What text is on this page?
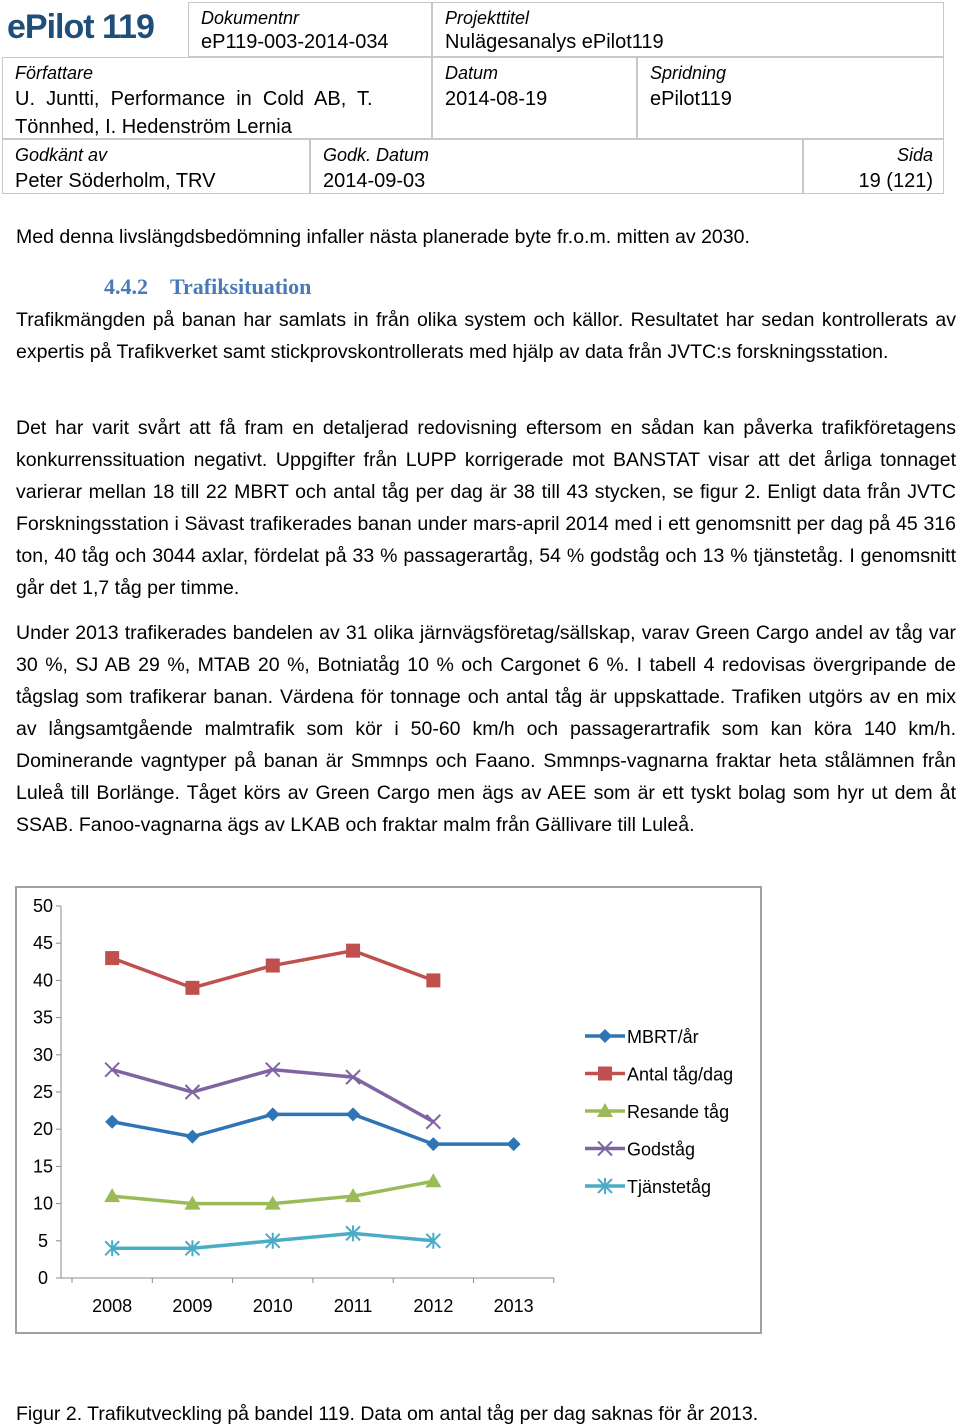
ePilot 119	Dokumentnr
eP119-003-2014-034
Projekttitel
Nulägesanalys ePilot119
Författare
U.  Juntti,  Performance  in  Cold  AB,  T.
Tönnhed, I. Hedenström Lernia
Datum
2014-08-19
Spridning
ePilot119
Godkänt av
Peter Söderholm, TRV
Godk. Datum
2014-09-03
Sida
19 (121)
Med denna livslängdsbedömning infaller nästa planerade byte fr.o.m. mitten av 2030.
4.4.2 Trafiksituation
Trafikmängden på banan har samlats in från olika system och källor. Resultatet har sedan kontrollerats av expertis på Trafikverket samt stickprovskontrollerats med hjälp av data från JVTC:s forskningsstation.
Det har varit svårt att få fram en detaljerad redovisning eftersom en sådan kan påverka trafikföretagens konkurrenssituation negativt. Uppgifter från LUPP korrigerade mot BANSTAT visar att det årliga tonnaget varierar mellan 18 till 22 MBRT och antal tåg per dag är 38 till 43 stycken, se figur 2. Enligt data från JVTC Forskningsstation i Sävast trafikerades banan under mars-april 2014 med i ett genomsnitt per dag på 45 316 ton, 40 tåg och 3044 axlar, fördelat på 33 % passagerartåg, 54 % godståg och 13 % tjänstetåg. I genomsnitt går det 1,7 tåg per timme.
Under 2013 trafikerades bandelen av 31 olika järnvägsföretag/sällskap, varav Green Cargo andel av tåg var 30 %, SJ AB 29 %, MTAB 20 %, Botniatåg 10 % och Cargonet 6 %. I tabell 4 redovisas övergripande de tågslag som trafikerar banan. Värdena för tonnage och antal tåg är uppskattade. Trafiken utgörs av en mix av långsamtgående malmtrafik som kör i 50-60 km/h och passagerartrafik som kan köra 140 km/h. Dominerande vagntyper på banan är Smmnps och Faano. Smmnps-vagnarna fraktar heta stålämnen från Luleå till Borlänge. Tåget körs av Green Cargo men ägs av AEE som är ett tyskt bolag som hyr ut dem åt SSAB. Fanoo-vagnarna ägs av LKAB och fraktar malm från Gällivare till Luleå.
0
5
10
15
20
25
30
35
40
45
50
2008 2009 2010 2011 2012 2013
MBRT/år
Antal tåg/dag
Resande tåg
Godståg
Tjänstetåg
Figur 2. Trafikutveckling på bandel 119. Data om antal tåg per dag saknas för år 2013.
